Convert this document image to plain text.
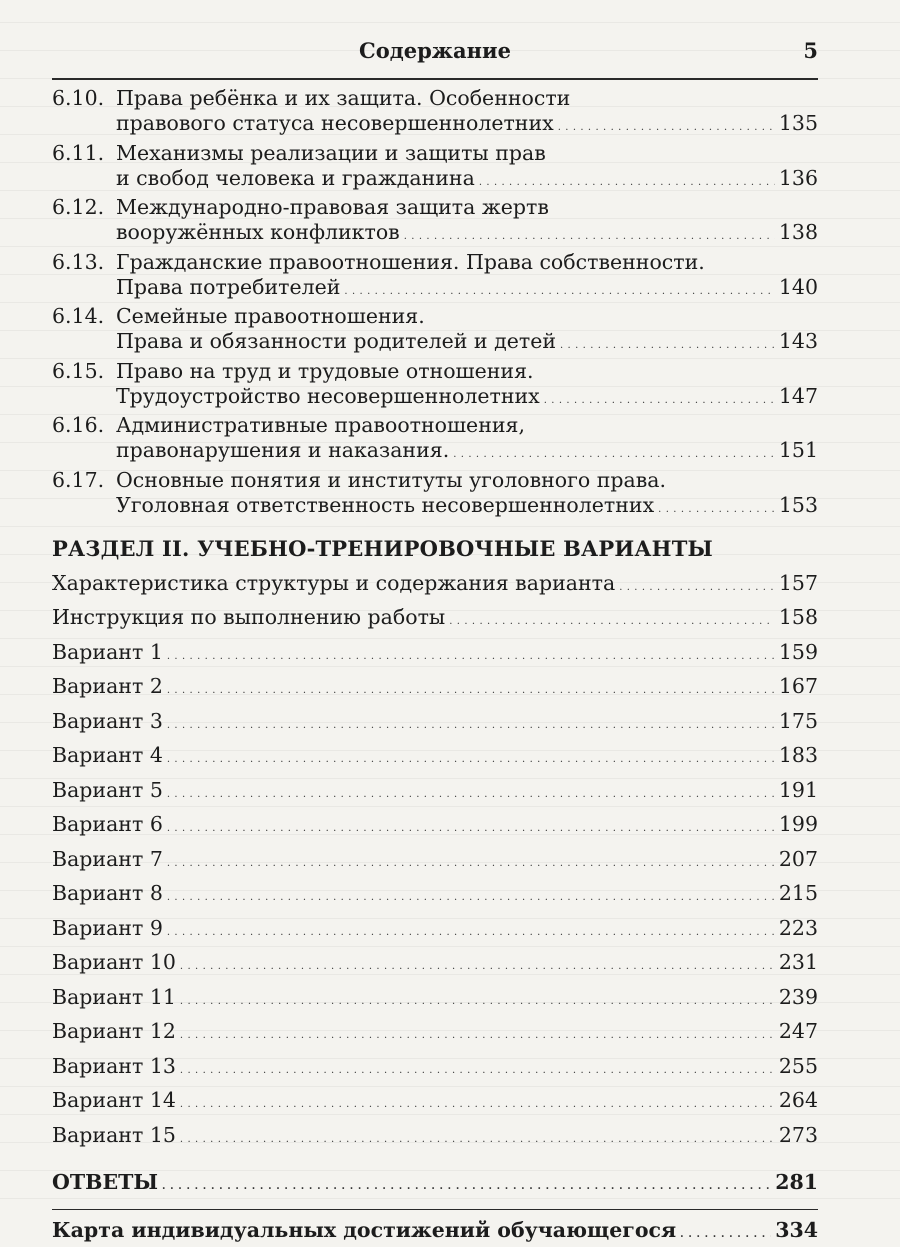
Содержание	5
6.10. Права ребёнка и их защита. Особенности
правового статуса несовершеннолетних . . .	135
6.11. Механизмы реализации и защиты прав
и свобод человека и гражданина . . .	136
6.12. Международно-правовая защита жертв
вооружённых конфликтов . . .	138
6.13. Гражданские правоотношения. Права собственности.
Права потребителей . . .	140
6.14. Семейные правоотношения.
Права и обязанности родителей и детей . . .	143
6.15. Право на труд и трудовые отношения.
Трудоустройство несовершеннолетних . . .	147
6.16. Административные правоотношения,
правонарушения и наказания. . . .	151
6.17. Основные понятия и институты уголовного права.
Уголовная ответственность несовершеннолетних . . .	153
РАЗДЕЛ II. УЧЕБНО-ТРЕНИРОВОЧНЫЕ ВАРИАНТЫ
Характеристика структуры и содержания варианта . . .	157
Инструкция по выполнению работы . . .	158
Вариант 1 . . .	159
Вариант 2 . . .	167
Вариант 3 . . .	175
Вариант 4 . . .	183
Вариант 5 . . .	191
Вариант 6 . . .	199
Вариант 7 . . .	207
Вариант 8 . . .	215
Вариант 9 . . .	223
Вариант 10 . . .	231
Вариант 11 . . .	239
Вариант 12 . . .	247
Вариант 13 . . .	255
Вариант 14 . . .	264
Вариант 15 . . .	273
ОТВЕТЫ . . .	281
Карта индивидуальных достижений обучающегося . . .	334
